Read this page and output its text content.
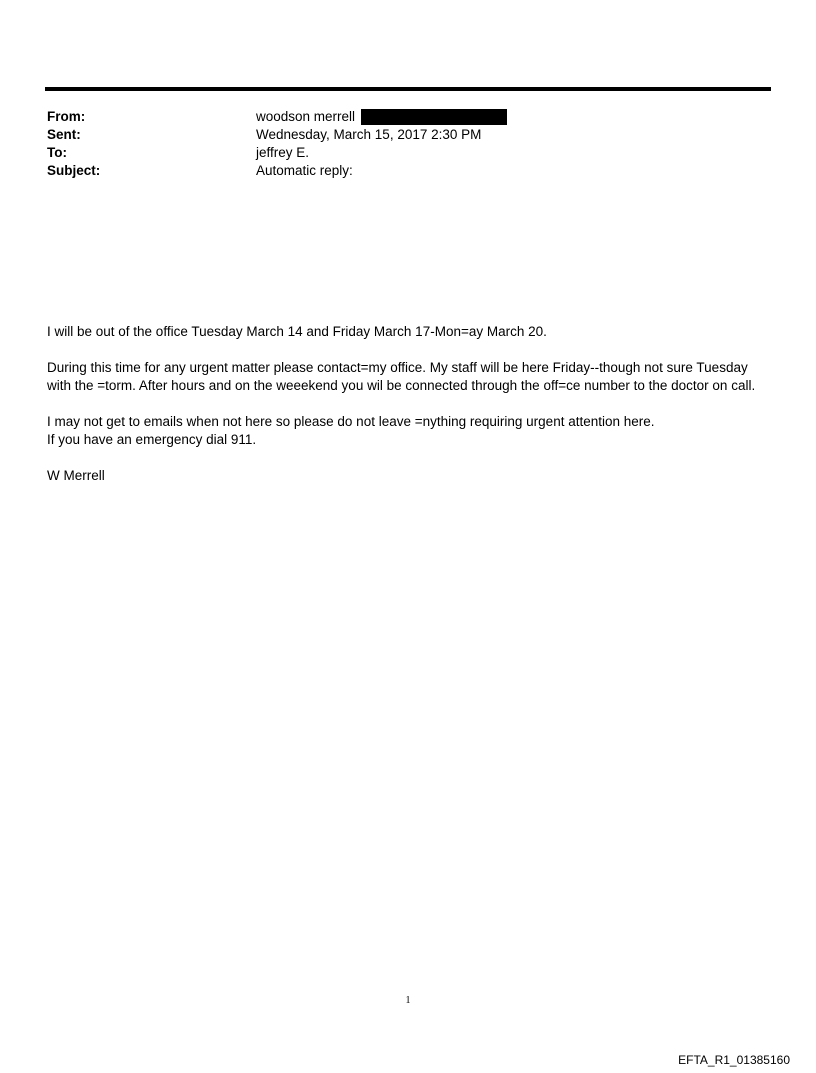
From:	woodson merrell
Sent:	Wednesday, March 15, 2017 2:30 PM
To:	jeffrey E.
Subject:	Automatic reply:

I will be out of the office Tuesday March 14 and Friday March 17-Mon=ay March 20.

During this time for any urgent matter please contact=my office. My staff will be here Friday--though not sure Tuesday with the =torm. After hours and on the weeekend you wil be connected through the off=ce number to the doctor on call.

I may not get to emails when not here so please do not leave =nything requiring urgent attention here.

If you have an emergency dial 911.

W Merrell

1
EFTA_R1_01385160
